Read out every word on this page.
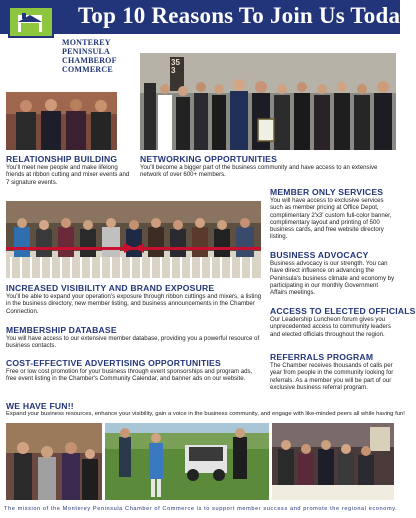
Top 10 Reasons To Join Us Today
MONTEREY
PENINSULA
CHAMBEROF
COMMERCE
353
RELATIONSHIP BUILDING
You'll meet new people and make lifelong friends at ribbon cutting and mixer events and 7 signature events.
NETWORKING OPPORTUNITIES
You'll become a bigger part of the business community and have access to an extensive network of over 600+ members.
MEMBER ONLY SERVICES
You will have access to exclusive services such as member pricing at Office Depot, complimentary 2'x3' custom full-color banner, complimentary layout and printing of 500 business cards, and free website directory listing.
BUSINESS ADVOCACY
Business advocacy is our strength. You can have direct influence on advancing the Peninsula's business climate and economy by participating in our monthly Government Affairs meetings.
ACCESS TO ELECTED OFFICIALS
Our Leadership Luncheon forum gives you unprecedented access to community leaders and elected officials throughout the region.
REFERRALS PROGRAM
The Chamber receives thousands of calls per year from people in the community looking for referrals. As a member you will be part of our exclusive business referral program.
INCREASED VISIBILITY AND BRAND EXPOSURE
You'll be able to expand your operation's exposure through ribbon cuttings and mixers, a listing in the business directory, new member listing, and business announcements in the Chamber Connection.
MEMBERSHIP DATABASE
You will have access to our extensive member database, providing you a powerful resource of business contacts.
COST-EFFECTIVE ADVERTISING OPPORTUNITIES
Free or low cost promotion for your business through event sponsorships and program ads, free event listing in the Chamber's Community Calendar, and banner ads on our website.
WE HAVE FUN!!
Expand your business resources, enhance your visibility, gain a voice in the business community, and engage with like-minded peers all while having fun!
The mission of the Monterey Peninsula Chamber of Commerce is to support member success and promote the regional economy.
